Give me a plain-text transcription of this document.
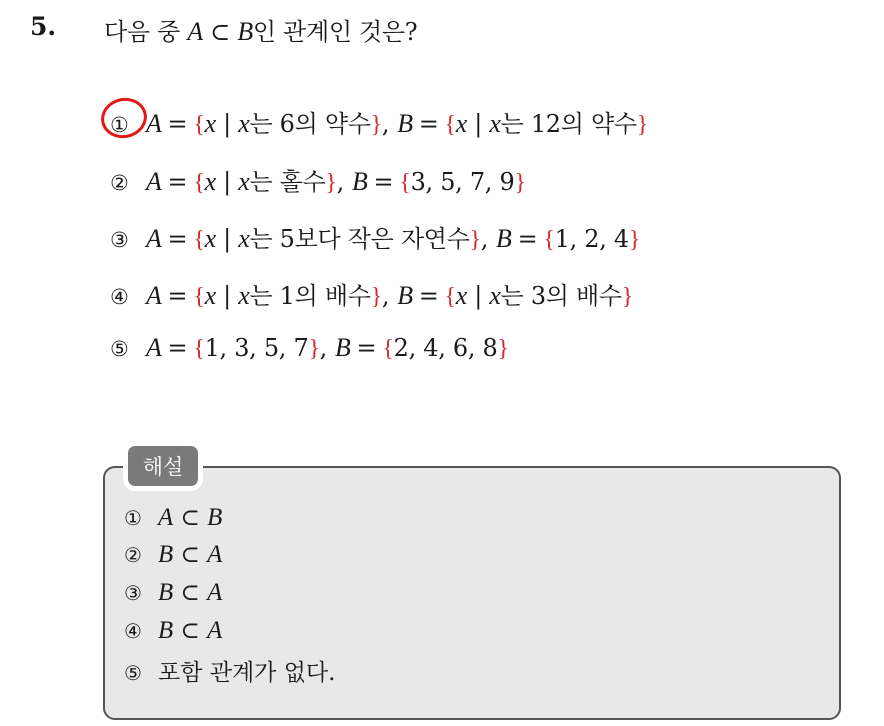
5. 다음 중 A ⊂ B인 관계인 것은?
① A = {x | x는 6의 약수}, B = {x | x는 12의 약수}
② A = {x | x는 홀수}, B = {3, 5, 7, 9}
③ A = {x | x는 5보다 작은 자연수}, B = {1, 2, 4}
④ A = {x | x는 1의 배수}, B = {x | x는 3의 배수}
⑤ A = {1, 3, 5, 7}, B = {2, 4, 6, 8}
해설
① A ⊂ B
② B ⊂ A
③ B ⊂ A
④ B ⊂ A
⑤ 포함 관계가 없다.
